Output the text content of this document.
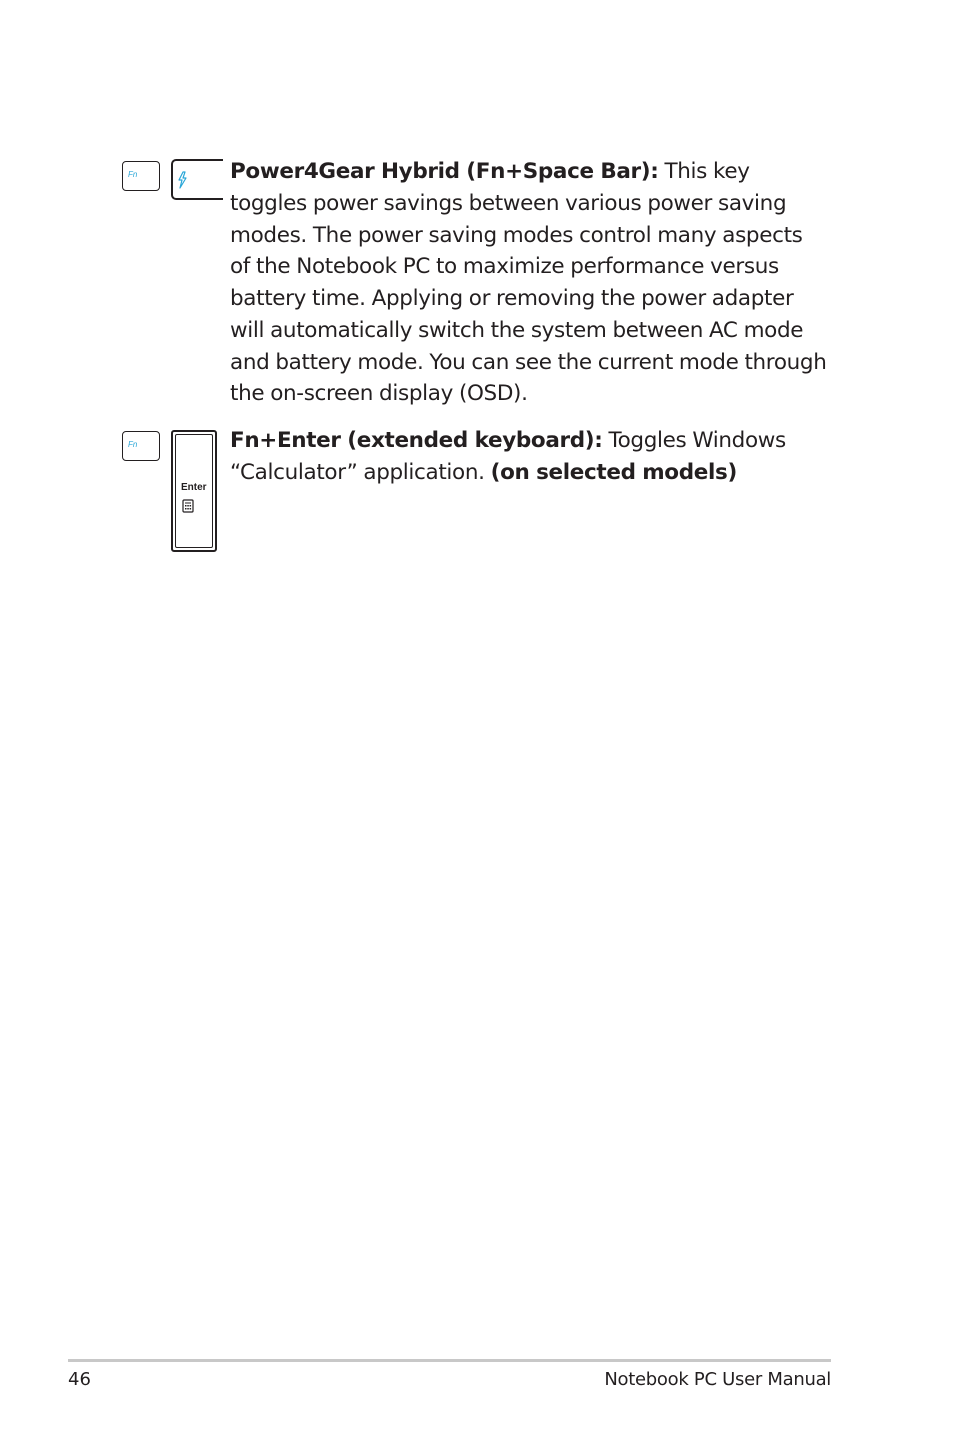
Fn	Power4Gear Hybrid (Fn+Space Bar): This key toggles power savings between various power saving modes. The power saving modes control many aspects of the Notebook PC to maximize performance versus battery time. Applying or removing the power adapter will automatically switch the system between AC mode and battery mode. You can see the current mode through the on-screen display (OSD).

Fn
Enter

Fn+Enter (extended keyboard): Toggles Windows “Calculator” application. (on selected models)

46	Notebook PC User Manual
